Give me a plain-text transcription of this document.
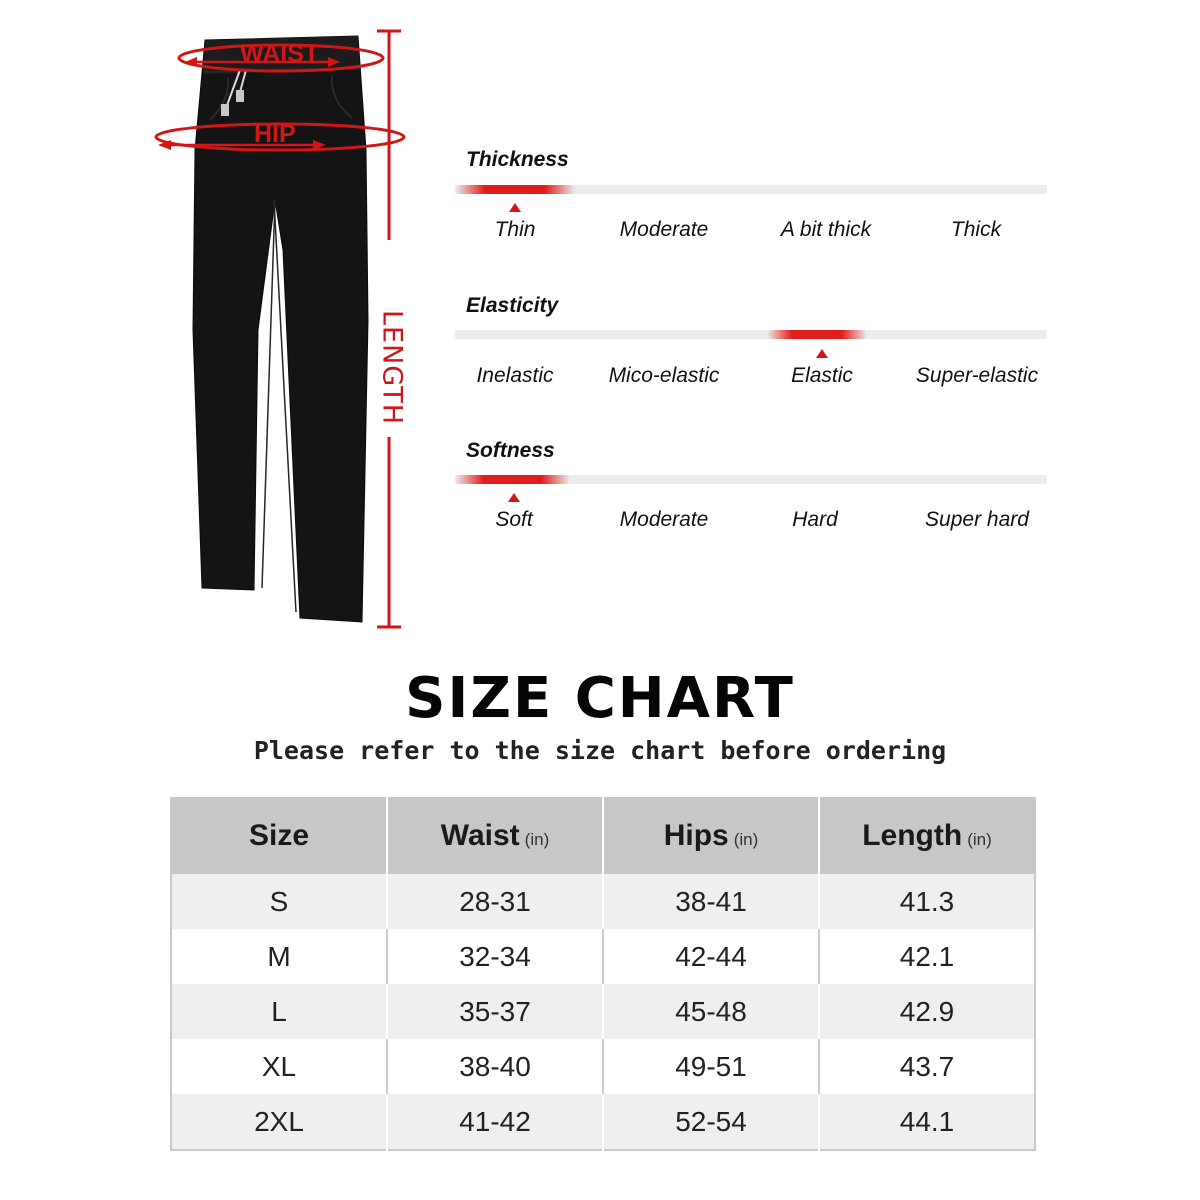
WAIST
HIP
LENGTH
Thickness
Thin	Moderate	A bit thick	Thick
Elasticity
Inelastic	Mico-elastic	Elastic	Super-elastic
Softness
Soft	Moderate	Hard	Super hard
SIZE CHART
Please refer to the size chart before ordering
Size	Waist (in)	Hips (in)	Length (in)
S	28-31	38-41	41.3
M	32-34	42-44	42.1
L	35-37	45-48	42.9
XL	38-40	49-51	43.7
2XL	41-42	52-54	44.1
